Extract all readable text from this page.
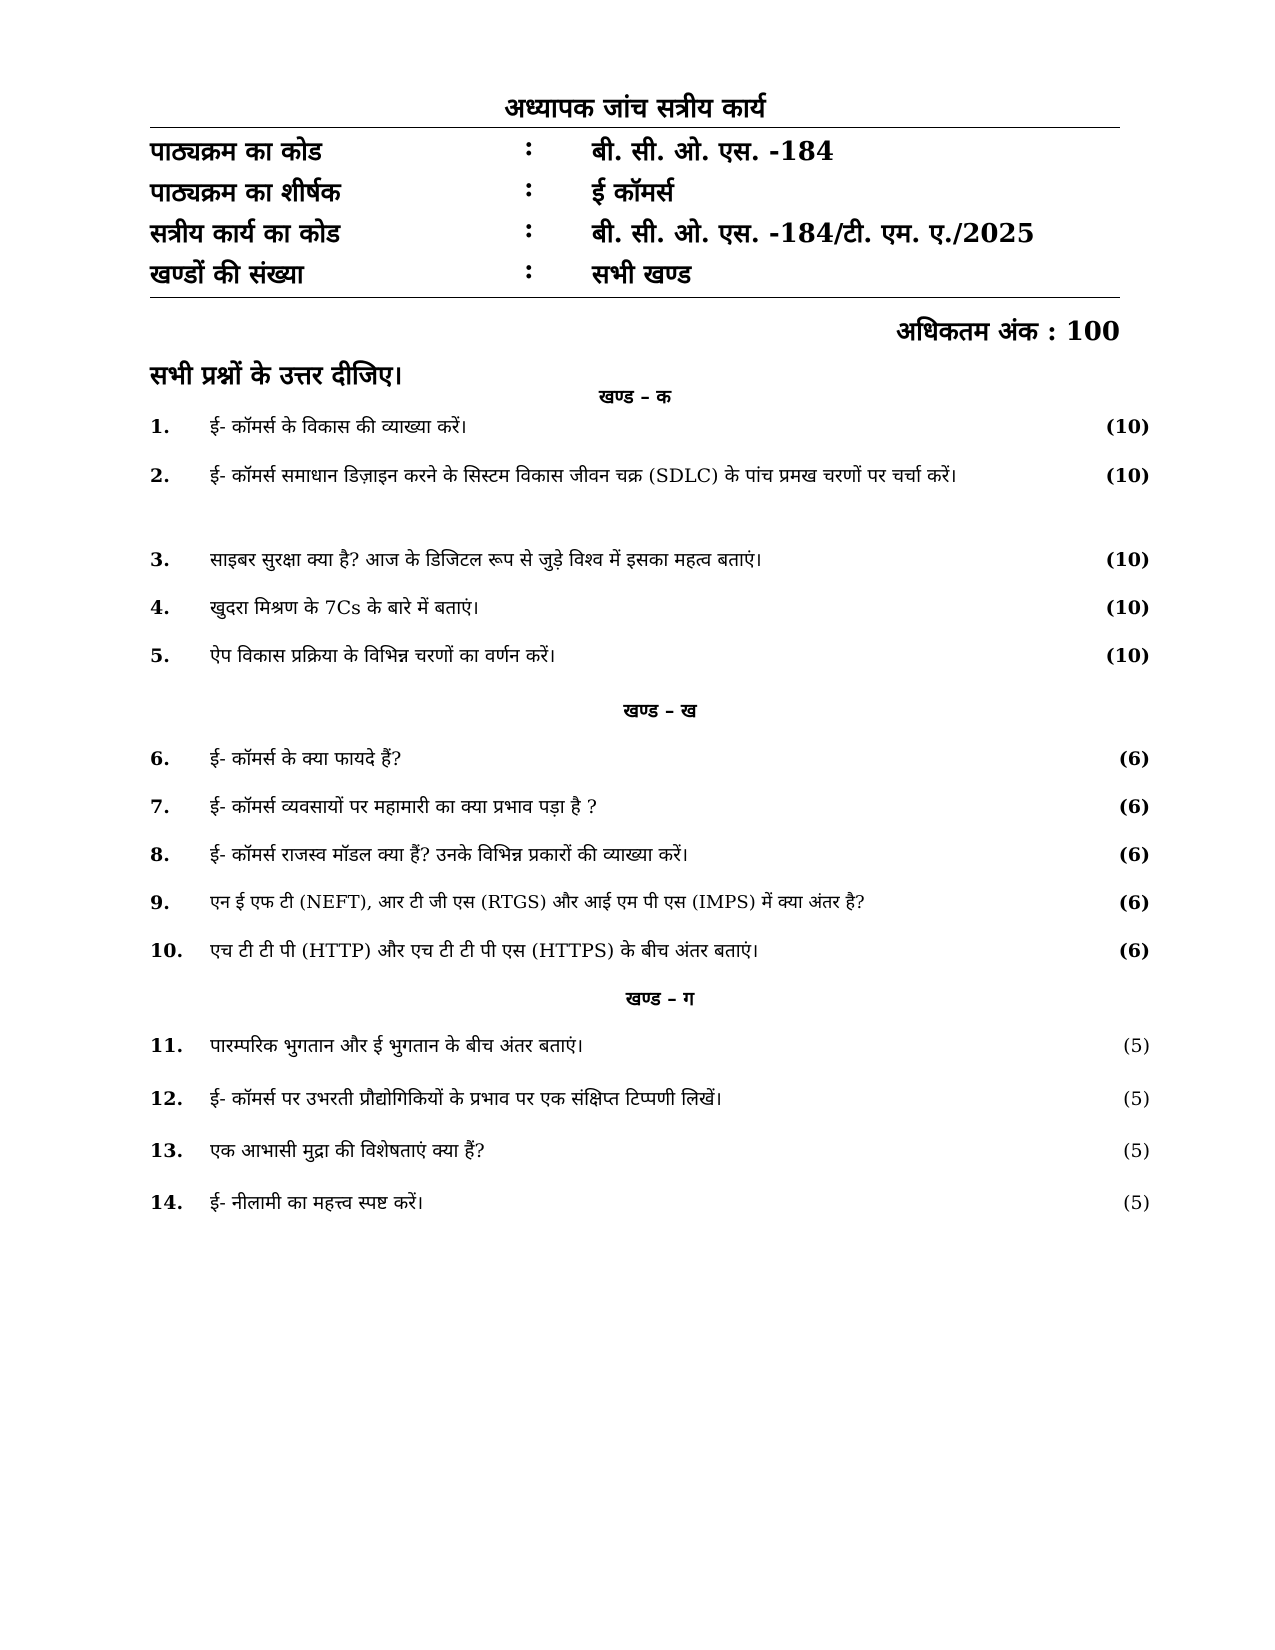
अध्यापक जांच सत्रीय कार्य
पाठ्यक्रम का कोड	: बी. सी. ओ. एस. -184
पाठ्यक्रम का शीर्षक	: ई कॉमर्स
सत्रीय कार्य का कोड	: बी. सी. ओ. एस. -184/टी. एम. ए./2025
खण्डों की संख्या	: सभी खण्ड
अधिकतम अंक : 100
सभी प्रश्नों के उत्तर दीजिए।
खण्ड – क
1. ई- कॉमर्स के विकास की व्याख्या करें।	(10)
2. ई- कॉमर्स समाधान डिज़ाइन करने के सिस्टम विकास जीवन चक्र (SDLC) के पांच प्रमख चरणों पर चर्चा करें।	(10)
3. साइबर सुरक्षा क्या है? आज के डिजिटल रूप से जुड़े विश्व में इसका महत्व बताएं।	(10)
4. खुदरा मिश्रण के 7Cs के बारे में बताएं।	(10)
5. ऐप विकास प्रक्रिया के विभिन्न चरणों का वर्णन करें।	(10)
खण्ड – ख
6. ई- कॉमर्स के क्या फायदे हैं?	(6)
7. ई- कॉमर्स व्यवसायों पर महामारी का क्या प्रभाव पड़ा है ?	(6)
8. ई- कॉमर्स राजस्व मॉडल क्या हैं? उनके विभिन्न प्रकारों की व्याख्या करें।	(6)
9. एन ई एफ टी (NEFT), आर टी जी एस (RTGS) और आई एम पी एस (IMPS) में क्या अंतर है?	(6)
10. एच टी टी पी (HTTP) और एच टी टी पी एस (HTTPS) के बीच अंतर बताएं।	(6)
खण्ड – ग
11. पारम्परिक भुगतान और ई भुगतान के बीच अंतर बताएं।	(5)
12. ई- कॉमर्स पर उभरती प्रौद्योगिकियों के प्रभाव पर एक संक्षिप्त टिप्पणी लिखें।	(5)
13. एक आभासी मुद्रा की विशेषताएं क्या हैं?	(5)
14. ई- नीलामी का महत्त्व स्पष्ट करें।	(5)
